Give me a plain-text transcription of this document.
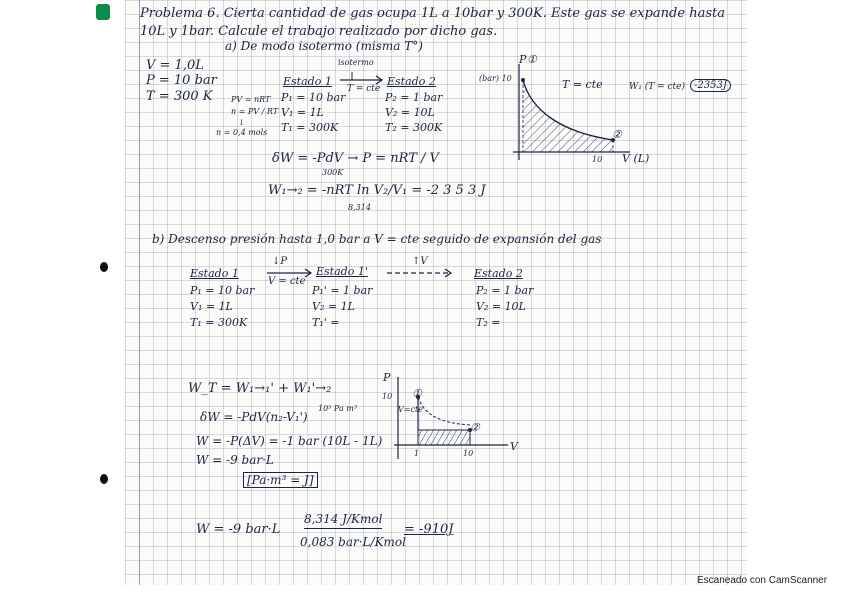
Problema 6. Cierta cantidad de gas ocupa 1L a 10bar y 300K. Este gas se expande hasta
10L y 1bar. Calcule el trabajo realizado por dicho gas.
a) De modo isotermo (misma T°)
V = 1,0L
P = 10 bar
T = 300 K PV = nRT
n = PV / RT
↓
n = 0,4 mols
Estado 1
P₁ = 10 bar
V₁ = 1L
T₁ = 300K
isotermo
T = cte
Estado 2
P₂ = 1 bar
V₂ = 10L
T₂ = 300K
δW = -PdV → P = nRT / V
300K
W₁→₂ = -nRT ln V₂/V₁ = -2 3 5 3 J
8,314
P ①
②
(bar) 10
10 V (L)
T = cte	W₁ (T = cte) -2353J
b) Descenso presión hasta 1,0 bar a V = cte seguido de expansión del gas
Estado 1
P₁ = 10 bar
V₁ = 1L
T₁ = 300K
↓P
V = cte
Estado 1'
P₁' = 1 bar
V₂ = 1L
T₁' =
↑V
Estado 2
P₂ = 1 bar
V₂ = 10L
T₂ =
W_T = W₁→₁' + W₁'→₂
δW = -PdV(n₂-V₁')
10⁵ Pa m³
W = -P(ΔV) = -1 bar (10L - 1L)
W = -9 bar·L
[Pa·m³ = J]
W = -9 bar·L
8,314 J/Kmol
0,083 bar·L/Kmol
= -910J
P
10 ①
②
V=cte
1	10
V
Escaneado con CamScanner
